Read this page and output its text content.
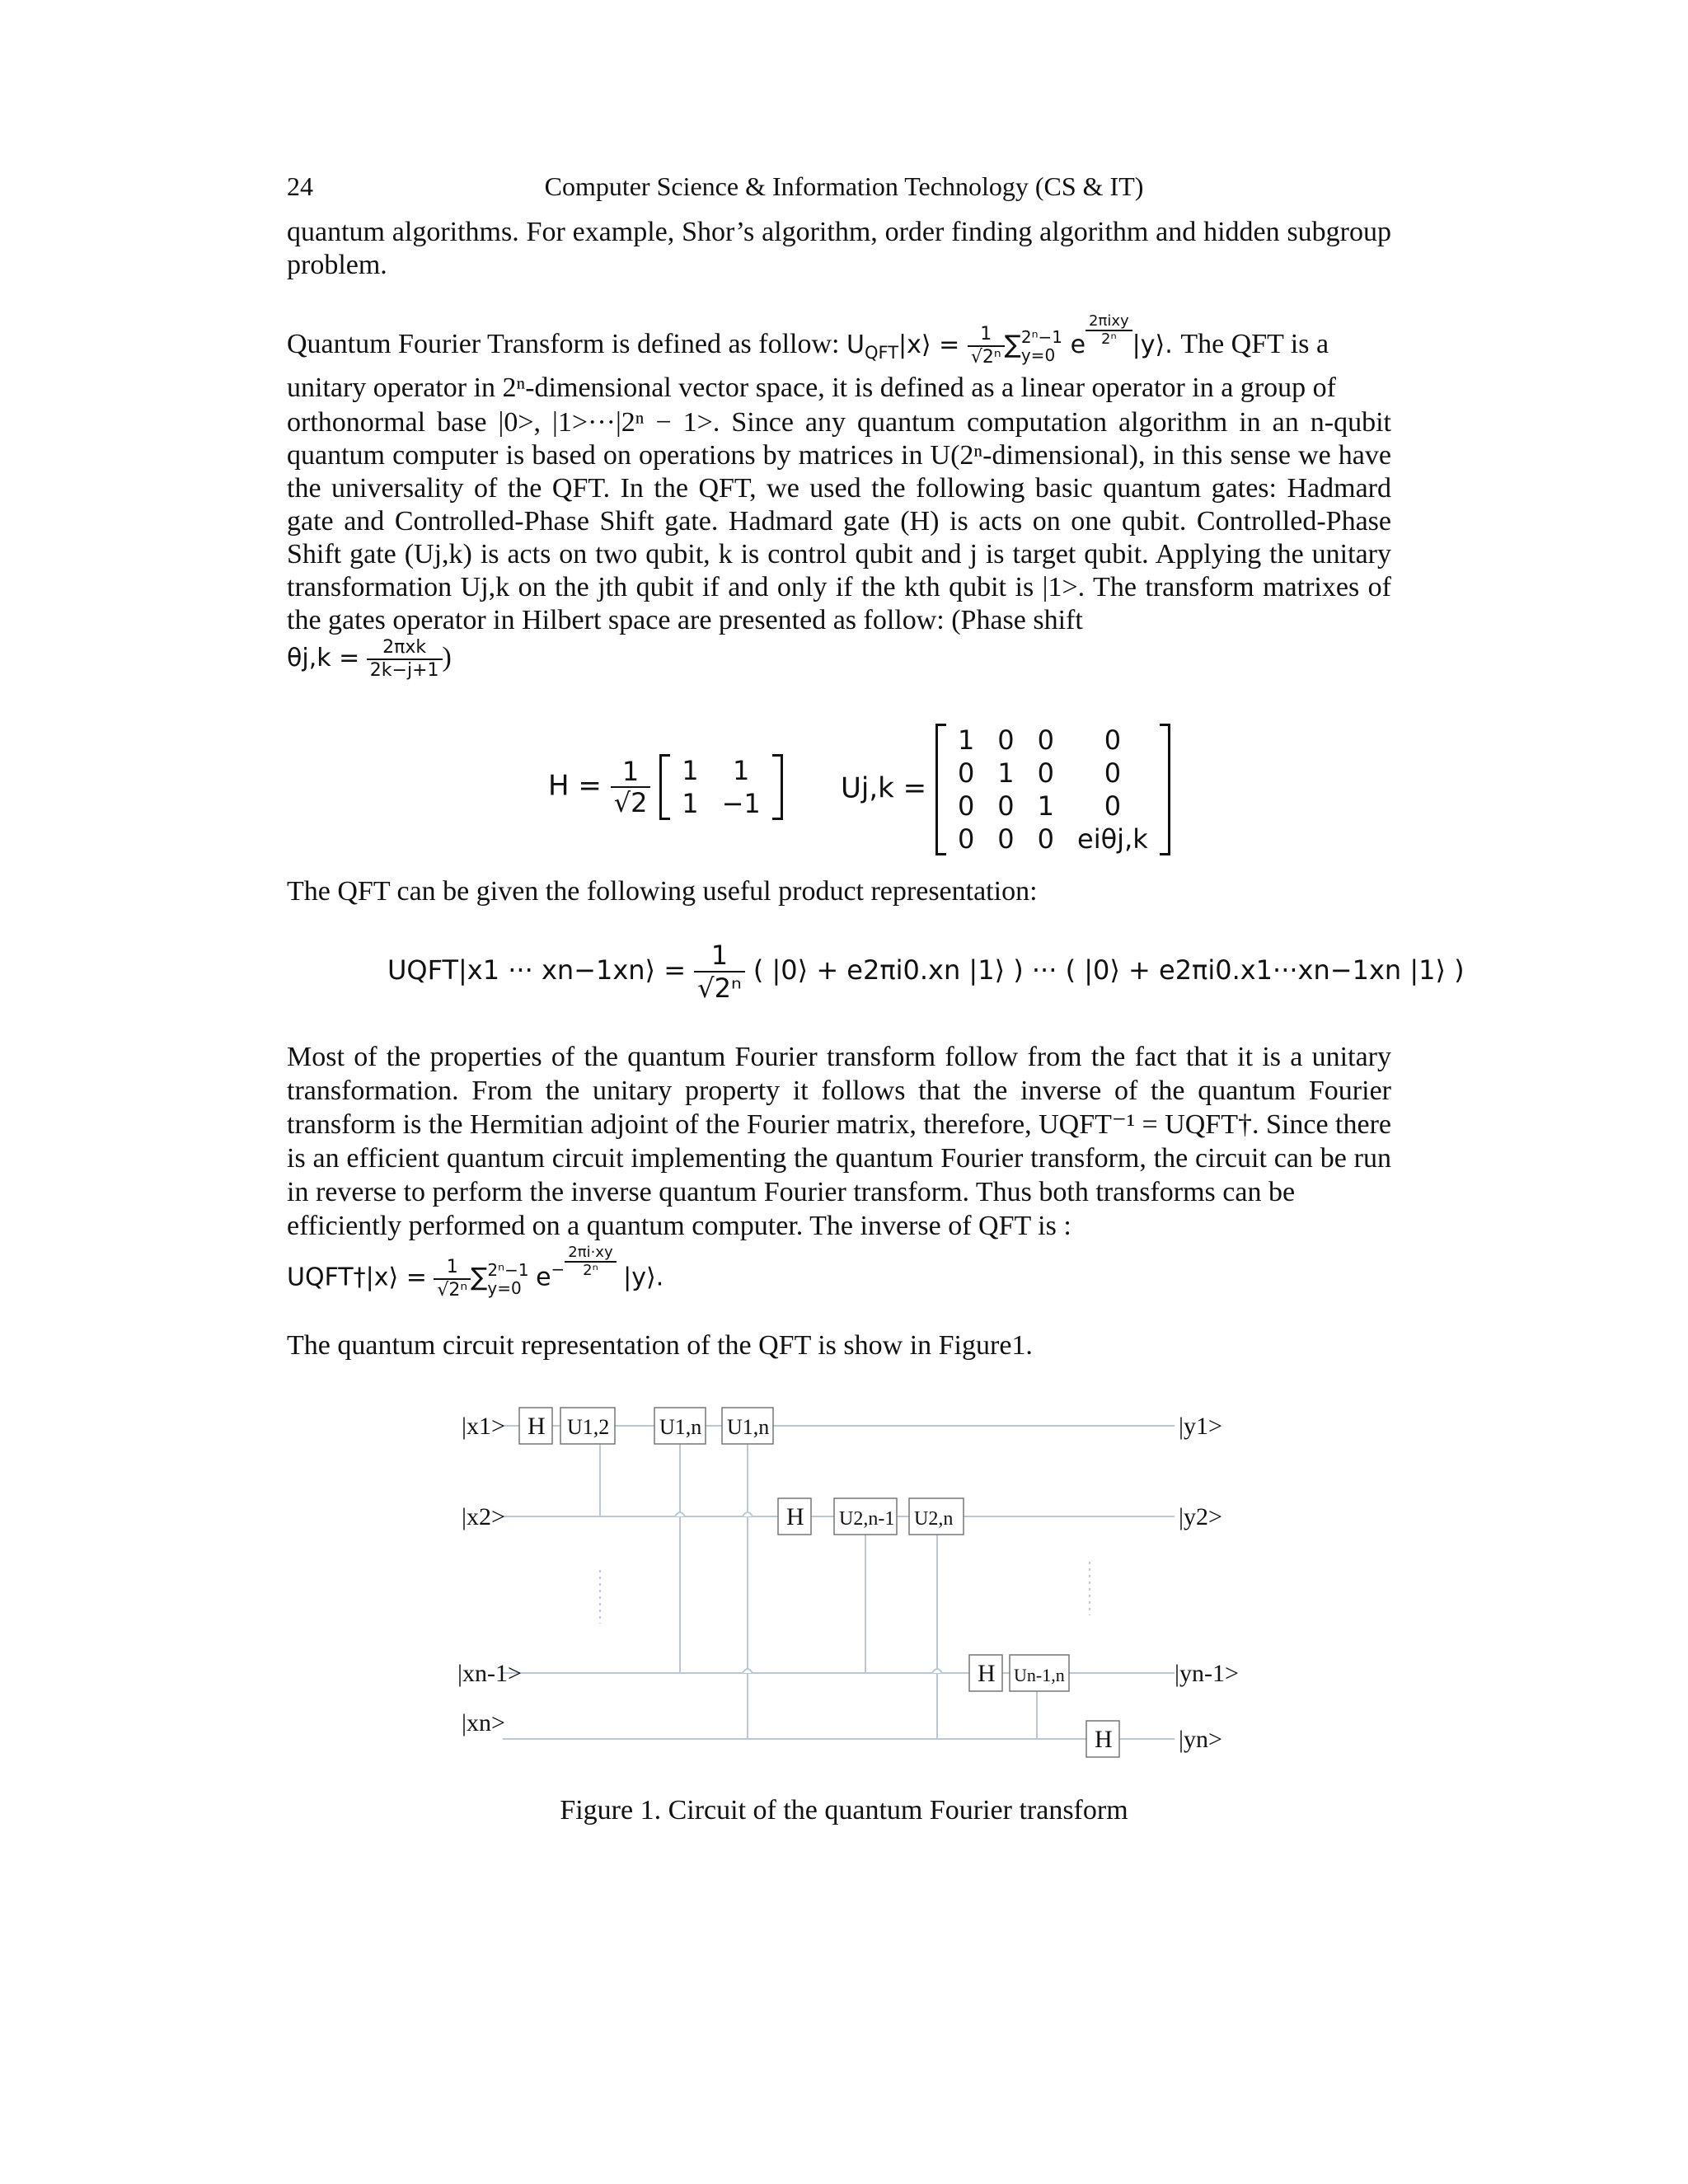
24	Computer Science & Information Technology (CS & IT)

quantum algorithms. For example, Shor’s algorithm, order finding algorithm and hidden subgroup problem.

Quantum Fourier Transform is defined as follow: $U_{QFT}|x⟩ = \frac{1}{\text{√2ⁿ}}$ ∑ 2ⁿ−1
y=0 e $\frac{\text{2πixy}}{\text{2ⁿ}}$ |y⟩. The QFT is a

unitary operator in 2ⁿ-dimensional vector space, it is defined as a linear operator in a group of

orthonormal base |0>, |1>···|2ⁿ − 1>. Since any quantum computation algorithm in an n-qubit quantum computer is based on operations by matrices in U(2ⁿ-dimensional), in this sense we have the universality of the QFT. In the QFT, we used the following basic quantum gates: Hadmard gate and Controlled-Phase Shift gate. Hadmard gate (H) is acts on one qubit. Controlled-Phase Shift gate (Uj,k) is acts on two qubit, k is control qubit and j is target qubit. Applying the unitary transformation Uj,k on the jth qubit if and only if the kth qubit is |1>. The transform matrixes of the gates operator in Hilbert space are presented as follow: (Phase shift

$\theta j,k = \frac{\text{2πxk}}{2k-j+1}$ )

$H = \frac{1}{√2}$
1	1
1	−1	Uj,k =
1	0	0	0
0	1	0	0
0	0	1	0
0	0	0	eiθj,k

The QFT can be given the following useful product representation:

UQFT|x1 ··· xn−1xn⟩ = $\frac{1}{\text{√2ⁿ}}$ ( |0⟩ + e2πi0.xn |1⟩ ) ··· ( |0⟩ + e2πi0.x1···xn−1xn |1⟩ )

Most of the properties of the quantum Fourier transform follow from the fact that it is a unitary transformation. From the unitary property it follows that the inverse of the quantum Fourier transform is the Hermitian adjoint of the Fourier matrix, therefore, UQFT⁻¹ = UQFT†. Since there is an efficient quantum circuit implementing the quantum Fourier transform, the circuit can be run in reverse to perform the inverse quantum Fourier transform. Thus both transforms can be

efficiently performed on a quantum computer. The inverse of QFT is :

UQFT†|x⟩ = $\frac{1}{\text{√2ⁿ}}$ ∑ 2ⁿ−1
y=0 $e^- \frac{2\pi i\cdot xy}{\text{2ⁿ}}$ |y⟩.

The quantum circuit representation of the QFT is show in Figure1.

|x1>
|x2>
|xn-1>
|xn>
|y1>
|y2>
|yn-1>
|yn>
H U1,2 U1,n U1,n
H U2,n-1 U2,n
H Un-1,n
H
Figure 1. Circuit of the quantum Fourier transform
